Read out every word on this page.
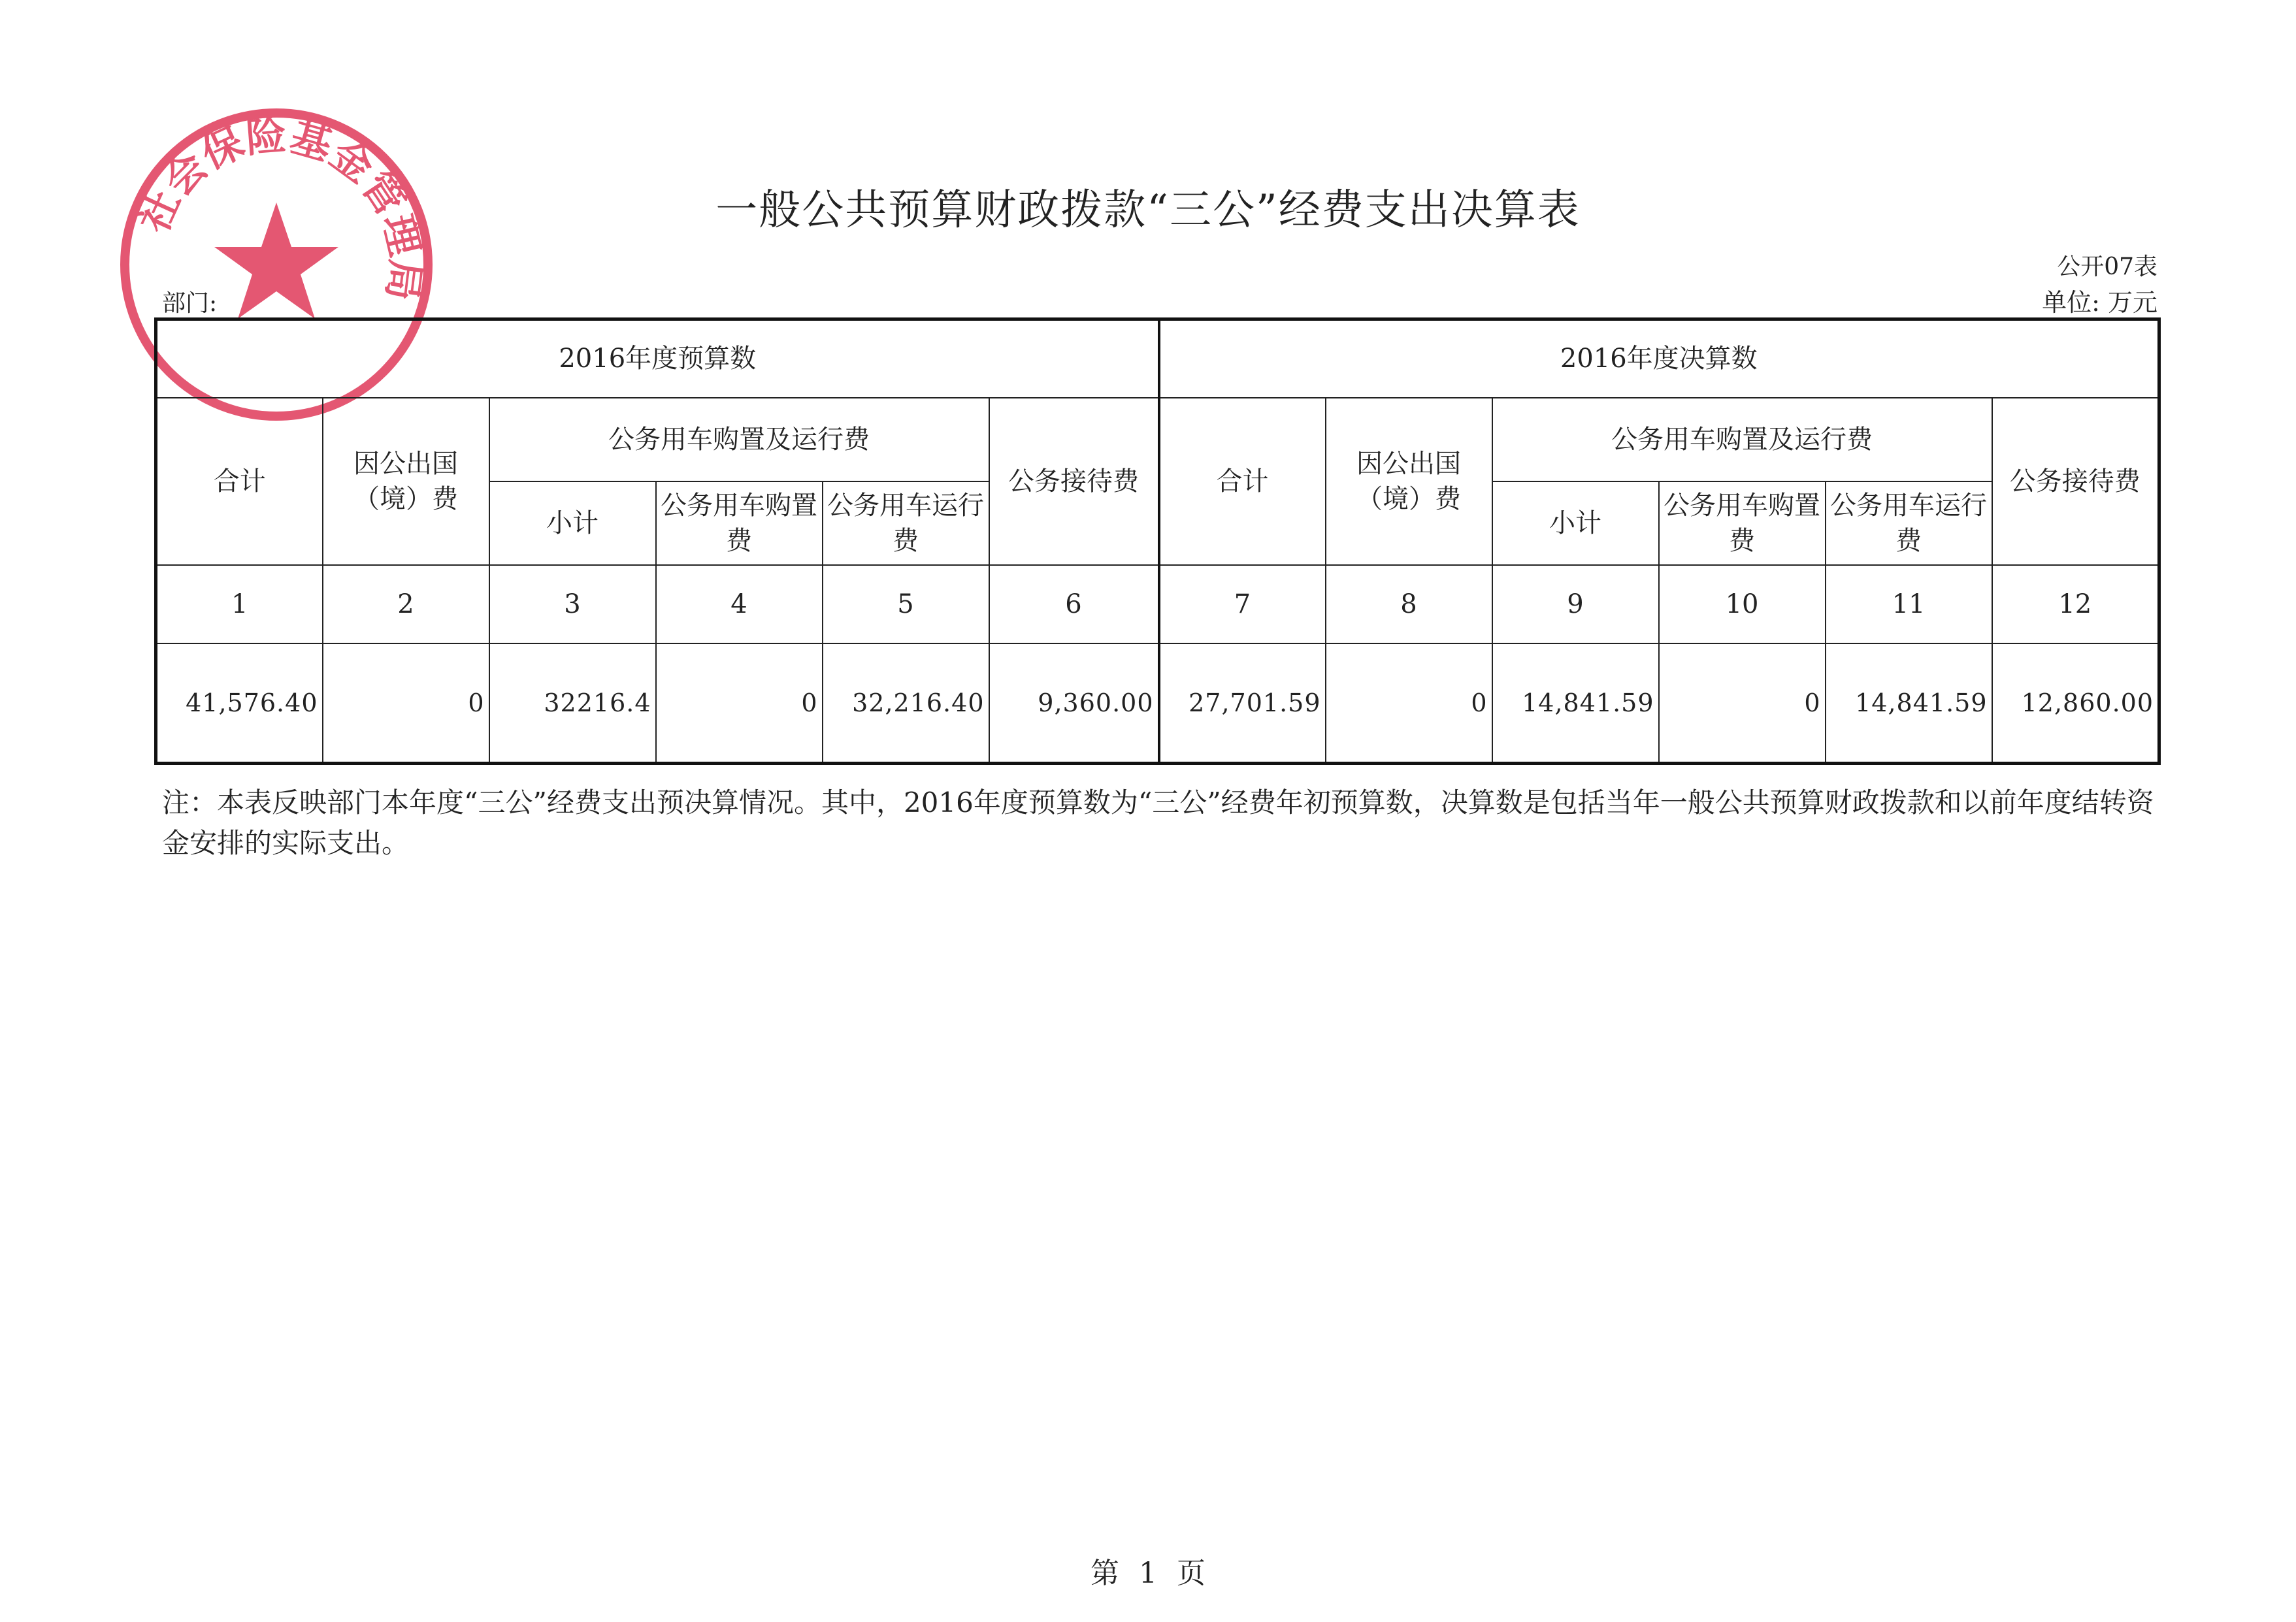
社会保险基金管理局
一般公共预算财政拨款“三公”经费支出决算表
公开07表
单位: 万元
部门:
2016年度预算数						2016年度决算数					
合计	因公出国（境）费	公务用车购置及运行费			公务接待费	合计	因公出国（境）费	公务用车购置及运行费			公务接待费
		小计	公务用车购置费	公务用车运行费				小计	公务用车购置费	公务用车运行费	
1	2	3	4	5	6	7	8	9	10	11	12
41,576.40	0	32216.4	0	32,216.40	9,360.00	27,701.59	0	14,841.59	0	14,841.59	12,860.00
注：本表反映部门本年度“三公”经费支出预决算情况。其中，2016年度预算数为“三公”经费年初预算数，决算数是包括当年一般公共预算财政拨款和以前年度结转资金安排的实际支出。
第 1 页
